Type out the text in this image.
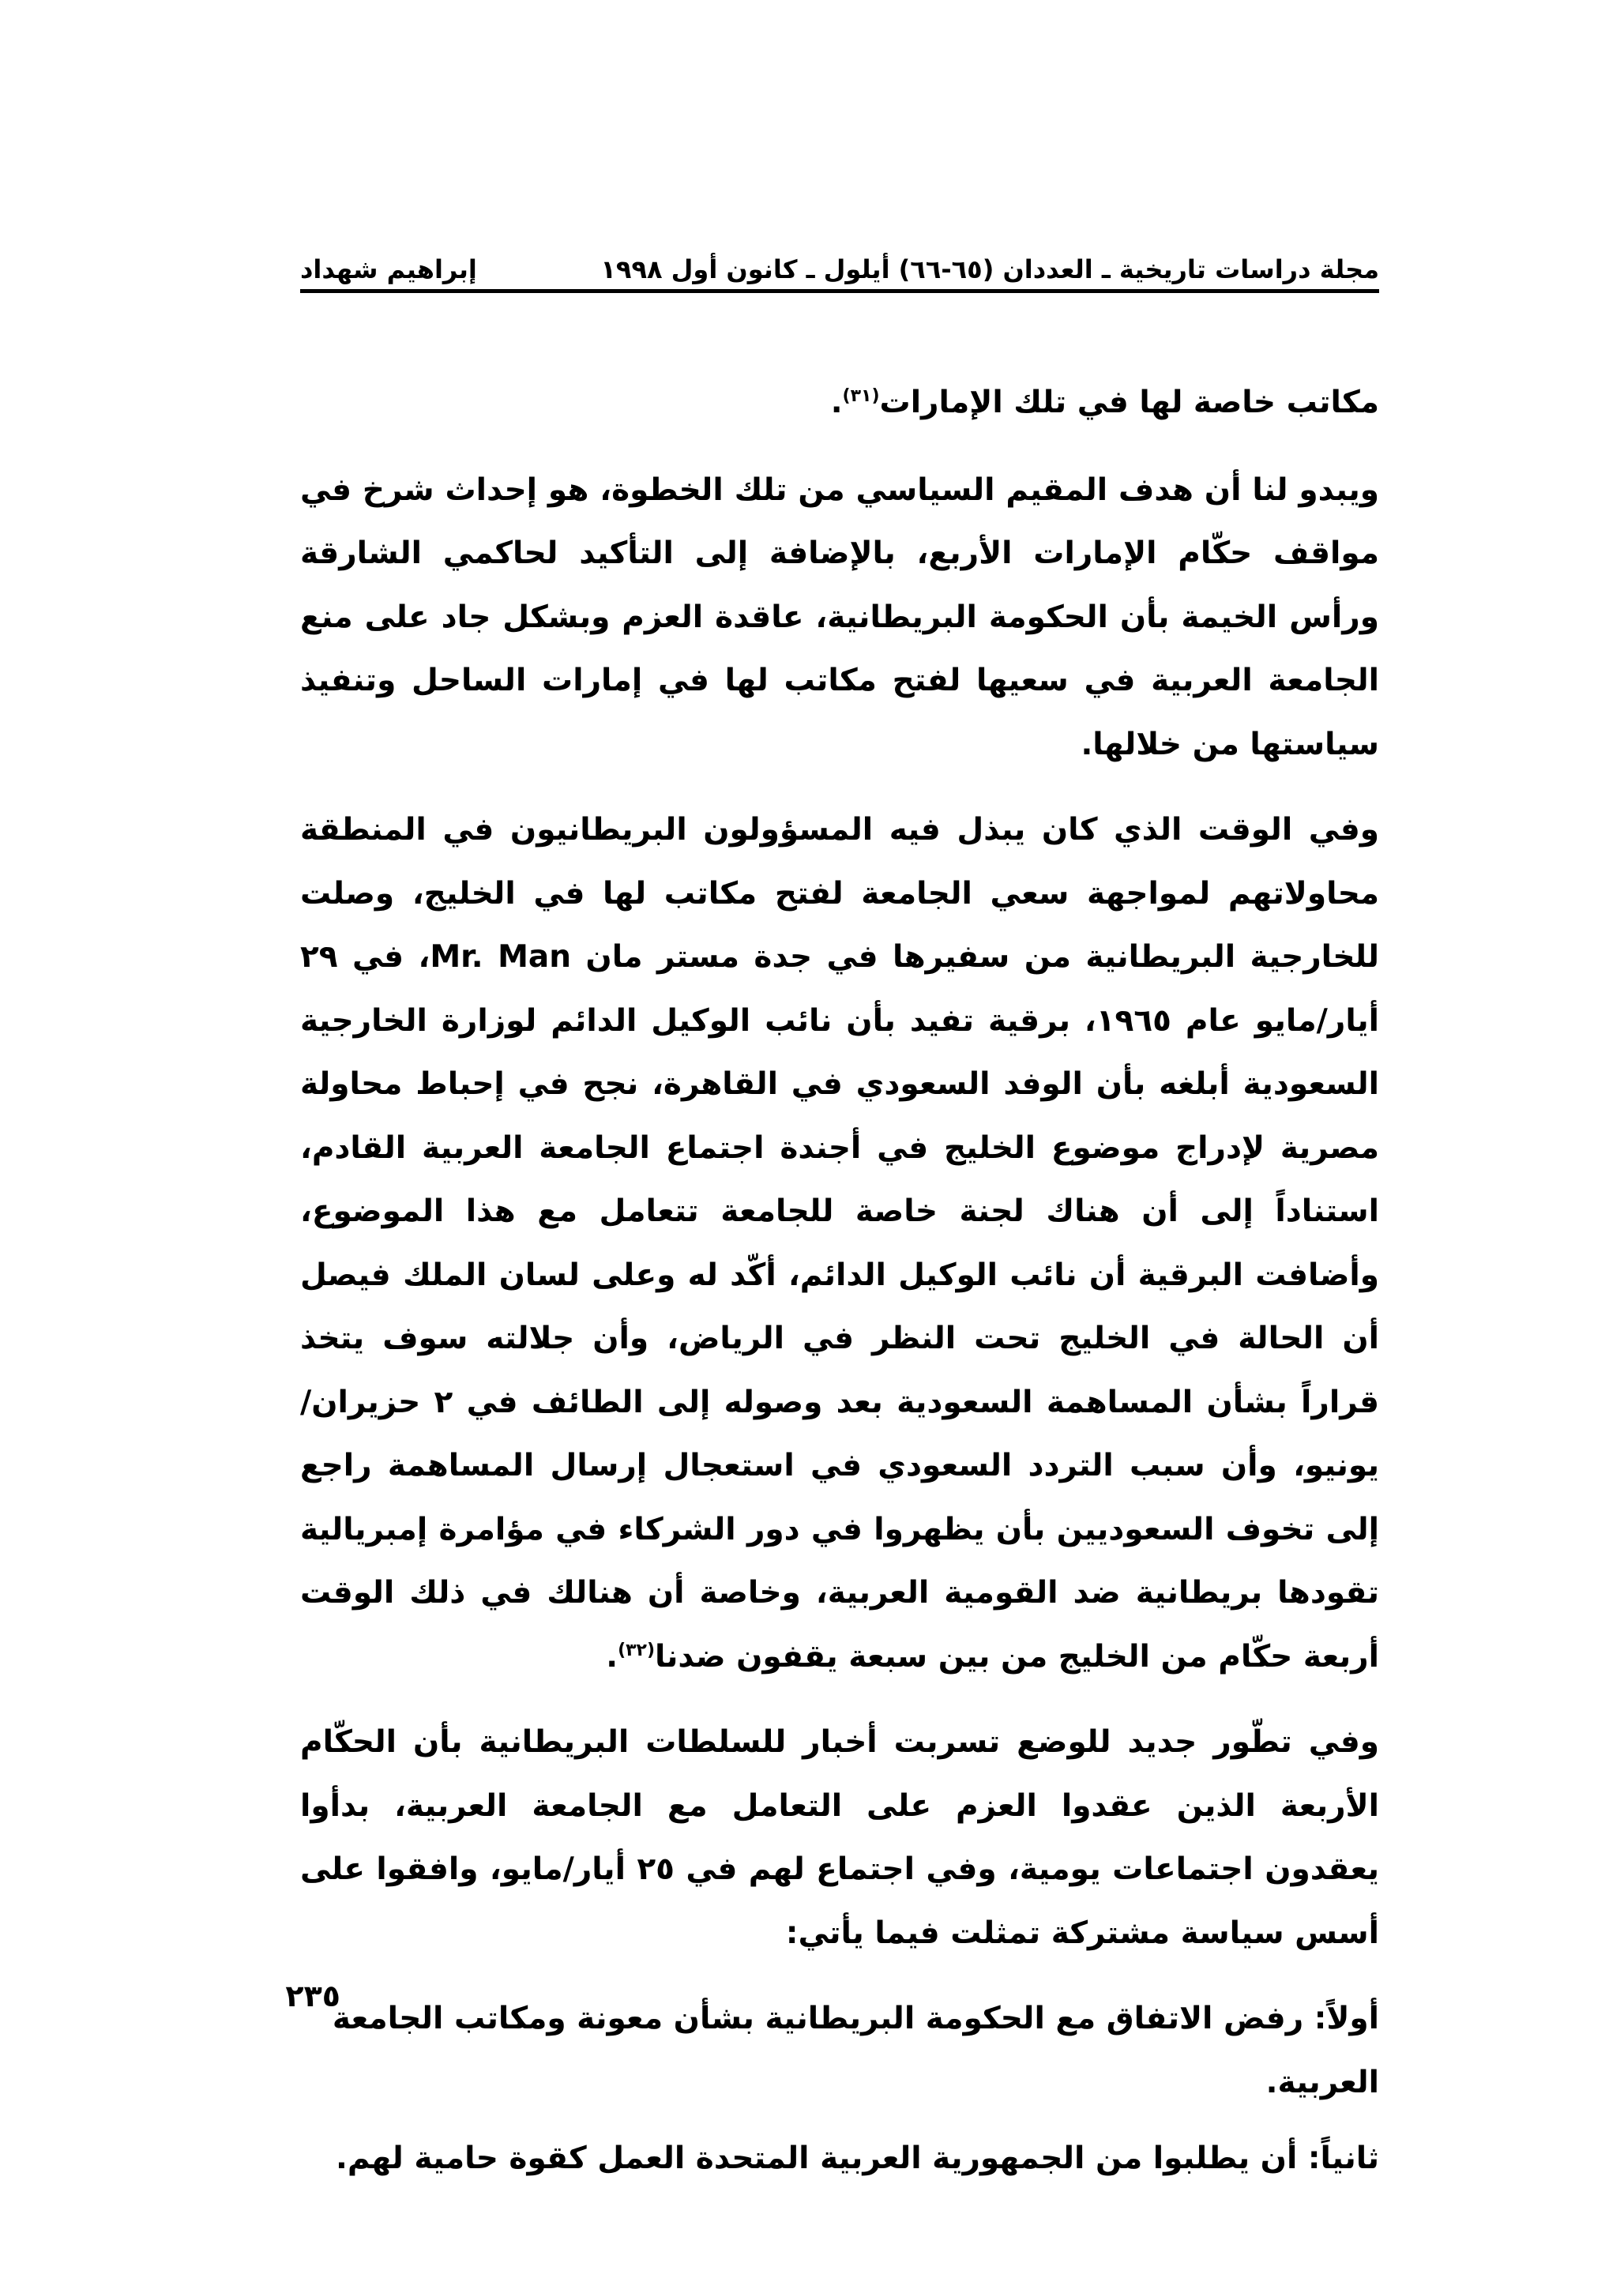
مجلة دراسات تاريخية ـ العددان (٦٥-٦٦) أيلول ـ كانون أول ١٩٩٨
إبراهيم شهداد

مكاتب خاصة لها في تلك الإمارات$^{(٣١)}$.

ويبدو لنا أن هدف المقيم السياسي من تلك الخطوة، هو إحداث شرخ في مواقف حكّام الإمارات الأربع، بالإضافة إلى التأكيد لحاكمي الشارقة ورأس الخيمة بأن الحكومة البريطانية، عاقدة العزم وبشكل جاد على منع الجامعة العربية في سعيها لفتح مكاتب لها في إمارات الساحل وتنفيذ سياستها من خلالها.

وفي الوقت الذي كان يبذل فيه المسؤولون البريطانيون في المنطقة محاولاتهم لمواجهة سعي الجامعة لفتح مكاتب لها في الخليج، وصلت للخارجية البريطانية من سفيرها في جدة مستر مان Mr. Man، في ٢٩ أيار/مايو عام ١٩٦٥، برقية تفيد بأن نائب الوكيل الدائم لوزارة الخارجية السعودية أبلغه بأن الوفد السعودي في القاهرة، نجح في إحباط محاولة مصرية لإدراج موضوع الخليج في أجندة اجتماع الجامعة العربية القادم، استناداً إلى أن هناك لجنة خاصة للجامعة تتعامل مع هذا الموضوع، وأضافت البرقية أن نائب الوكيل الدائم، أكّد له وعلى لسان الملك فيصل أن الحالة في الخليج تحت النظر في الرياض، وأن جلالته سوف يتخذ قراراً بشأن المساهمة السعودية بعد وصوله إلى الطائف في ٢ حزيران/يونيو، وأن سبب التردد السعودي في استعجال إرسال المساهمة راجع إلى تخوف السعوديين بأن يظهروا في دور الشركاء في مؤامرة إمبريالية تقودها بريطانية ضد القومية العربية، وخاصة أن هنالك في ذلك الوقت أربعة حكّام من الخليج من بين سبعة يقفون ضدنا$^{(٣٢)}$.

وفي تطّور جديد للوضع تسربت أخبار للسلطات البريطانية بأن الحكّام الأربعة الذين عقدوا العزم على التعامل مع الجامعة العربية، بدأوا يعقدون اجتماعات يومية، وفي اجتماع لهم في ٢٥ أيار/مايو، وافقوا على أسس سياسة مشتركة تمثلت فيما يأتي:

أولاً: رفض الاتفاق مع الحكومة البريطانية بشأن معونة ومكاتب الجامعة العربية.

ثانياً: أن يطلبوا من الجمهورية العربية المتحدة العمل كقوة حامية لهم.

٢٣٥
